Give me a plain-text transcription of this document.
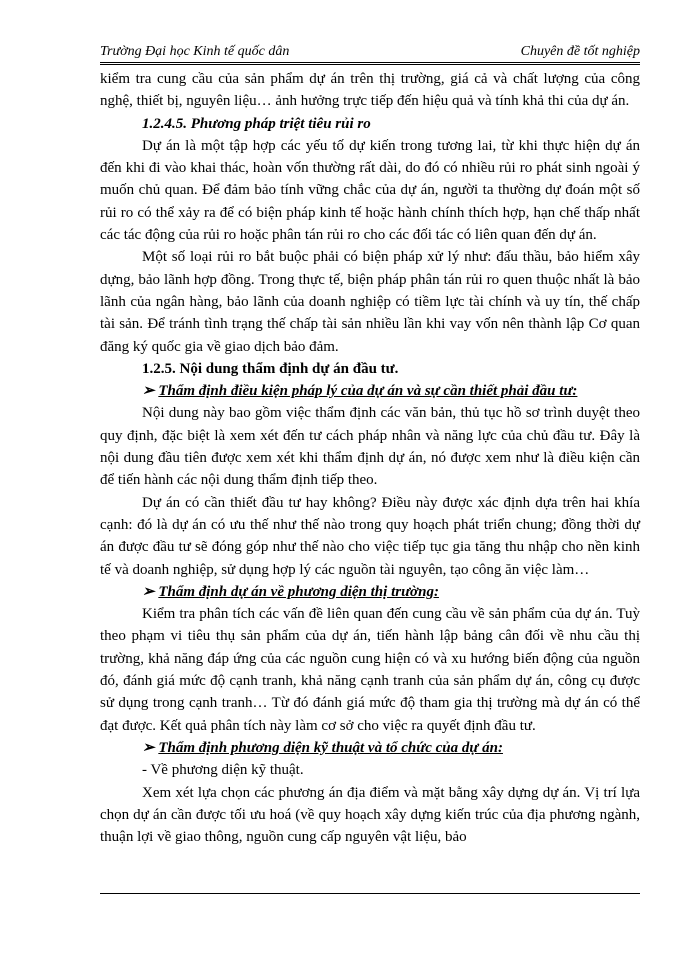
Trường Đại học Kinh tế quốc dân	Chuyên đề tốt nghiệp

kiểm tra cung cầu của sản phẩm dự án trên thị trường, giá cả và chất lượng của công nghệ, thiết bị, nguyên liệu… ảnh hưởng trực tiếp đến hiệu quả và tính khả thi của dự án.

1.2.4.5. Phương pháp triệt tiêu rủi ro

Dự án là một tập hợp các yếu tố dự kiến trong tương lai, từ khi thực hiện dự án đến khi đi vào khai thác, hoàn vốn thường rất dài, do đó có nhiều rủi ro phát sinh ngoài ý muốn chủ quan. Để đảm bảo tính vững chắc của dự án, người ta thường dự đoán một số rủi ro có thể xảy ra để có biện pháp kinh tế hoặc hành chính thích hợp, hạn chế thấp nhất các tác động của rủi ro hoặc phân tán rủi ro cho các đối tác có liên quan đến dự án.

Một số loại rủi ro bắt buộc phải có biện pháp xử lý như: đấu thầu, bảo hiểm xây dựng, bảo lãnh hợp đồng. Trong thực tế, biện pháp phân tán rủi ro quen thuộc nhất là bảo lãnh của ngân hàng, bảo lãnh của doanh nghiệp có tiềm lực tài chính và uy tín, thế chấp tài sản. Để tránh tình trạng thế chấp tài sản nhiều lần khi vay vốn nên thành lập Cơ quan đăng ký quốc gia về giao dịch bảo đảm.

1.2.5. Nội dung thẩm định dự án đầu tư.

➢ Thẩm định điều kiện pháp lý của dự án và sự cần thiết phải đầu tư:

Nội dung này bao gồm việc thẩm định các văn bản, thủ tục hồ sơ trình duyệt theo quy định, đặc biệt là xem xét đến tư cách pháp nhân và năng lực của chủ đầu tư. Đây là nội dung đầu tiên được xem xét khi thẩm định dự án, nó được xem như là điều kiện cần để tiến hành các nội dung thẩm định tiếp theo.

Dự án có cần thiết đầu tư hay không? Điều này được xác định dựa trên hai khía cạnh: đó là dự án có ưu thế như thế nào trong quy hoạch phát triển chung; đồng thời dự án được đầu tư sẽ đóng góp như thế nào cho việc tiếp tục gia tăng thu nhập cho nền kinh tế và doanh nghiệp, sử dụng hợp lý các nguồn tài nguyên, tạo công ăn việc làm…

➢ Thẩm định dự án về phương diện thị trường:

Kiểm tra phân tích các vấn đề liên quan đến cung cầu về sản phẩm của dự án. Tuỳ theo phạm vi tiêu thụ sản phẩm của dự án, tiến hành lập bảng cân đối về nhu cầu thị trường, khả năng đáp ứng của các nguồn cung hiện có và xu hướng biến động của nguồn đó, đánh giá mức độ cạnh tranh, khả năng cạnh tranh của sản phẩm dự án, công cụ được sử dụng trong cạnh tranh… Từ đó đánh giá mức độ tham gia thị trường mà dự án có thể đạt được. Kết quả phân tích này làm cơ sở cho việc ra quyết định đầu tư.

➢ Thẩm định phương diện kỹ thuật và tổ chức của dự án:

- Về phương diện kỹ thuật.

Xem xét lựa chọn các phương án địa điểm và mặt bằng xây dựng dự án. Vị trí lựa chọn dự án cần được tối ưu hoá (về quy hoạch xây dựng kiến trúc của địa phương ngành, thuận lợi về giao thông, nguồn cung cấp nguyên vật liệu, bảo
